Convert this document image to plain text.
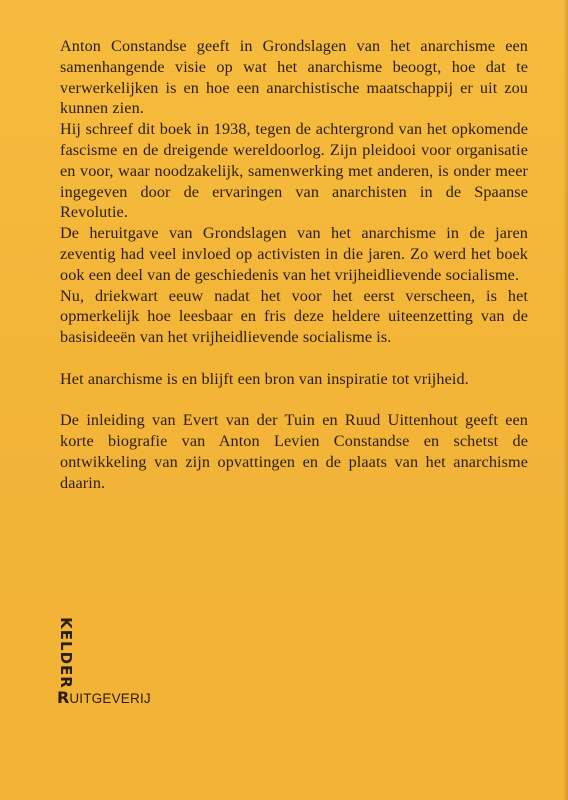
Anton Constandse geeft in Grondslagen van het anarchisme een samenhangende visie op wat het anarchisme beoogt, hoe dat te verwerkelijken is en hoe een anarchistische maatschappij er uit zou kunnen zien.

Hij schreef dit boek in 1938, tegen de achtergrond van het opkomende fascisme en de dreigende wereldoorlog. Zijn pleidooi voor organisatie en voor, waar noodzakelijk, samenwerking met anderen, is onder meer ingegeven door de ervaringen van anarchisten in de Spaanse Revolutie.

De heruitgave van Grondslagen van het anarchisme in de jaren zeventig had veel invloed op activisten in die jaren. Zo werd het boek ook een deel van de geschiedenis van het vrijheidlievende socialisme.

Nu, driekwart eeuw nadat het voor het eerst verscheen, is het opmerkelijk hoe leesbaar en fris deze heldere uiteenzetting van de basisideeën van het vrijheidlievende socialisme is.

Het anarchisme is en blijft een bron van inspiratie tot vrijheid.

De inleiding van Evert van der Tuin en Ruud Uittenhout geeft een korte biografie van Anton Levien Constandse en schetst de ontwikkeling van zijn opvattingen en de plaats van het anarchisme daarin.

KELDER
R UITGEVERIJ
